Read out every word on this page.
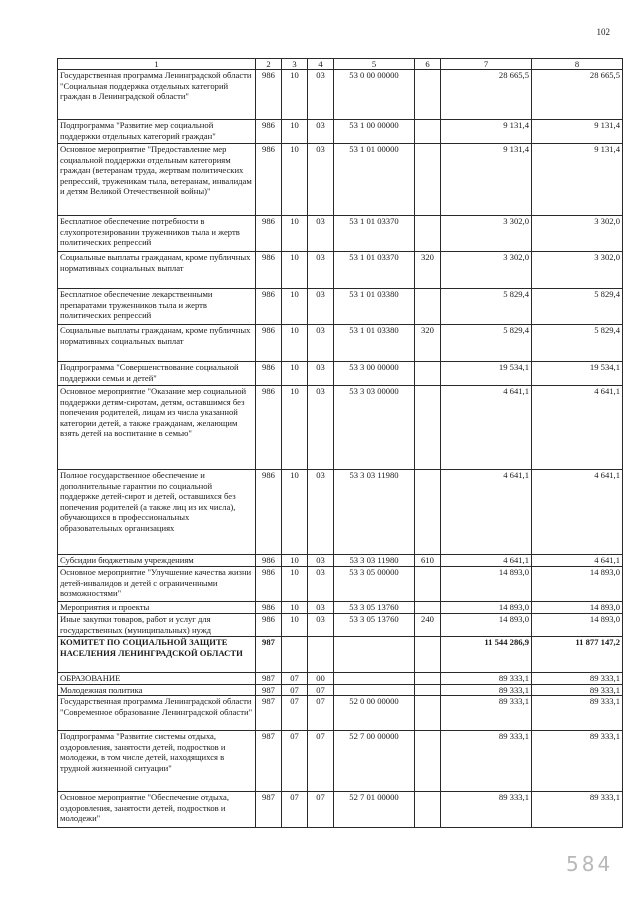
102
1	2	3	4	5	6	7	8
Государственная программа Ленинградской области "Социальная поддержка отдельных категорий граждан в Ленинградской области"	986	10	03	53 0 00 00000		28 665,5	28 665,5
Подпрограмма "Развитие мер социальной поддержки отдельных категорий граждан"	986	10	03	53 1 00 00000		9 131,4	9 131,4
Основное мероприятие "Предоставление мер социальной поддержки отдельным категориям граждан (ветеранам труда, жертвам политических репрессий, труженикам тыла, ветеранам, инвалидам и детям Великой Отечественной войны)"	986	10	03	53 1 01 00000		9 131,4	9 131,4
Бесплатное обеспечение потребности в слухопротезировании труженников тыла и жертв политических репрессий	986	10	03	53 1 01 03370		3 302,0	3 302,0
Социальные выплаты гражданам, кроме публичных нормативных социальных выплат	986	10	03	53 1 01 03370	320	3 302,0	3 302,0
Бесплатное обеспечение лекарственными препаратами труженников тыла и жертв политических репрессий	986	10	03	53 1 01 03380		5 829,4	5 829,4
Социальные выплаты гражданам, кроме публичных нормативных социальных выплат	986	10	03	53 1 01 03380	320	5 829,4	5 829,4
Подпрограмма "Совершенствование социальной поддержки семьи и детей"	986	10	03	53 3 00 00000		19 534,1	19 534,1
Основное мероприятие "Оказание мер социальной поддержки детям-сиротам, детям, оставшимся без попечения родителей, лицам из числа указанной категории детей, а также гражданам, желающим взять детей на воспитание в семью"	986	10	03	53 3 03 00000		4 641,1	4 641,1
Полное государственное обеспечение и дополнительные гарантии по социальной поддержке детей-сирот и детей, оставшихся без попечения родителей (а также лиц из их числа), обучающихся в профессиональных образовательных организациях	986	10	03	53 3 03 11980		4 641,1	4 641,1
Субсидии бюджетным учреждениям	986	10	03	53 3 03 11980	610	4 641,1	4 641,1
Основное мероприятие "Улучшение качества жизни детей-инвалидов и детей с ограниченными возможностями"	986	10	03	53 3 05 00000		14 893,0	14 893,0
Мероприятия и проекты	986	10	03	53 3 05 13760		14 893,0	14 893,0
Иные закупки товаров, работ и услуг для государственных (муниципальных) нужд	986	10	03	53 3 05 13760	240	14 893,0	14 893,0
КОМИТЕТ ПО СОЦИАЛЬНОЙ ЗАЩИТЕ НАСЕЛЕНИЯ ЛЕНИНГРАДСКОЙ ОБЛАСТИ	987					11 544 286,9	11 877 147,2
ОБРАЗОВАНИЕ	987	07	00			89 333,1	89 333,1
Молодежная политика	987	07	07			89 333,1	89 333,1
Государственная программа Ленинградской области "Современное образование Ленинградской области"	987	07	07	52 0 00 00000		89 333,1	89 333,1
Подпрограмма "Развитие системы отдыха, оздоровления, занятости детей, подростков и молодежи, в том числе детей, находящихся в трудной жизненной ситуации"	987	07	07	52 7 00 00000		89 333,1	89 333,1
Основное мероприятие "Обеспечение отдыха, оздоровления, занятости детей, подростков и молодежи"	987	07	07	52 7 01 00000		89 333,1	89 333,1
584
